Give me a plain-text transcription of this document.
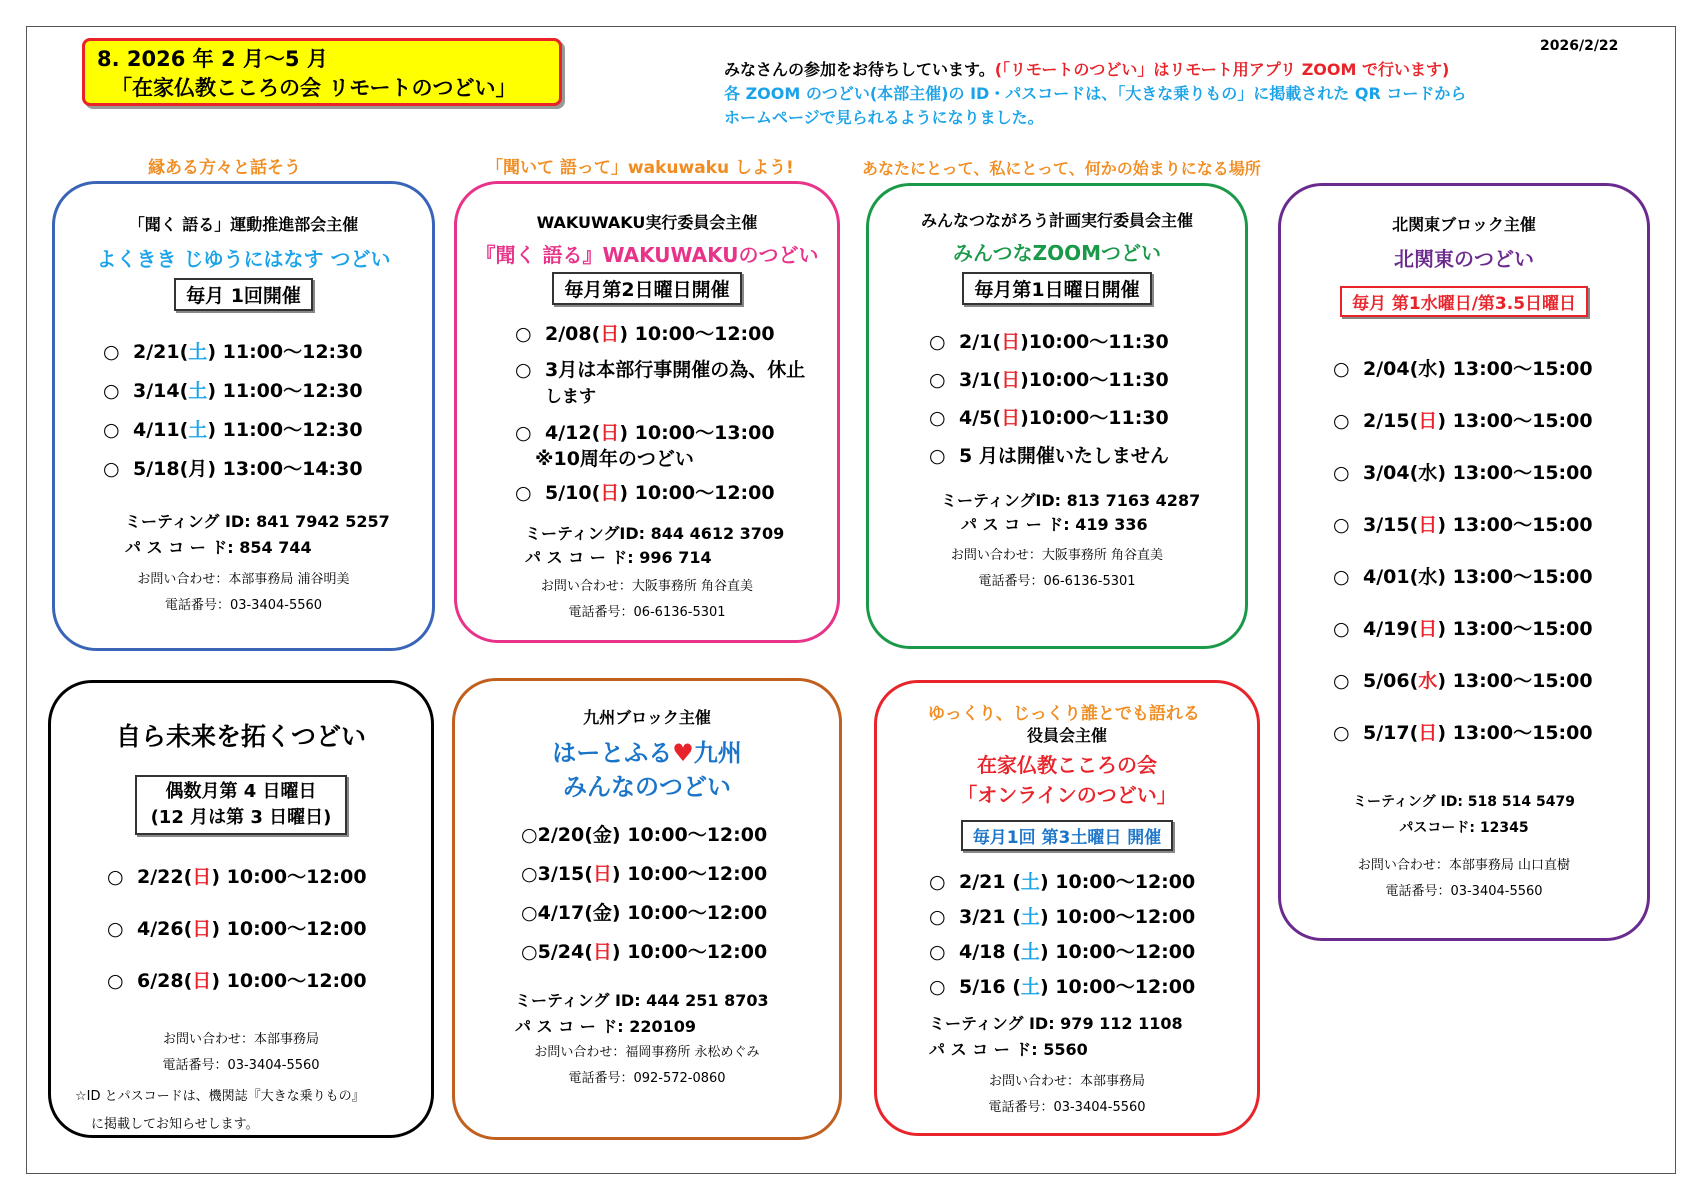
2026/2/22
8. 2026 年 2 月～5 月
「在家仏教こころの会 リモートのつどい」
みなさんの参加をお待ちしています。(「リモートのつどい」はリモート用アプリ ZOOM で行います)
各 ZOOM のつどい(本部主催)の ID・パスコードは、「大きな乗りもの」に掲載された QR コードから
ホームページで見られるようになりました。
縁ある方々と話そう	「聞いて 語って」wakuwaku しよう!	あなたにとって、私にとって、何かの始まりになる場所
「聞く 語る」運動推進部会主催
よくきき じゆうにはなす つどい
毎月 1回開催
○ 2/21(土) 11:00～12:30
○ 3/14(土) 11:00～12:30
○ 4/11(土) 11:00～12:30
○ 5/18(月) 13:00～14:30
ミーティング ID: 841 7942 5257
パ ス コ ー ド: 854 744
お問い合わせ：本部事務局 浦谷明美
電話番号：03-3404-5560
WAKUWAKU実行委員会主催
『聞く 語る』WAKUWAKUのつどい
毎月第2日曜日開催
○ 2/08(日) 10:00～12:00
○ 3月は本部行事開催の為、休止
します
○ 4/12(日) 10:00～13:00
※10周年のつどい
○ 5/10(日) 10:00～12:00
ミーティングID: 844 4612 3709
パ ス コ ー ド: 996 714
お問い合わせ：大阪事務所 角谷直美
電話番号：06-6136-5301
みんなつながろう計画実行委員会主催
みんつなZOOMつどい
毎月第1日曜日開催
○ 2/1(日)10:00～11:30
○ 3/1(日)10:00～11:30
○ 4/5(日)10:00～11:30
○ 5 月は開催いたしません
ミーティングID: 813 7163 4287
パ ス コ ー ド: 419 336
お問い合わせ：大阪事務所 角谷直美
電話番号：06-6136-5301
北関東ブロック主催
北関東のつどい
毎月 第1水曜日/第3.5日曜日
○ 2/04(水) 13:00～15:00
○ 2/15(日) 13:00～15:00
○ 3/04(水) 13:00～15:00
○ 3/15(日) 13:00～15:00
○ 4/01(水) 13:00～15:00
○ 4/19(日) 13:00～15:00
○ 5/06(水) 13:00～15:00
○ 5/17(日) 13:00～15:00
ミーティング ID: 518 514 5479
パスコード: 12345
お問い合わせ：本部事務局 山口直樹
電話番号：03-3404-5560
自ら未来を拓くつどい
偶数月第 4 日曜日
(12 月は第 3 日曜日)
○ 2/22(日) 10:00～12:00
○ 4/26(日) 10:00～12:00
○ 6/28(日) 10:00～12:00
お問い合わせ：本部事務局
電話番号：03-3404-5560
☆ID とパスコードは、機関誌『大きな乗りもの』
に掲載してお知らせします。
九州ブロック主催
はーとふる♥九州
みんなのつどい
○2/20(金) 10:00～12:00
○3/15(日) 10:00～12:00
○4/17(金) 10:00～12:00
○5/24(日) 10:00～12:00
ミーティング ID: 444 251 8703
パ ス コ ー ド: 220109
お問い合わせ：福岡事務所 永松めぐみ
電話番号：092-572-0860
ゆっくり、じっくり誰とでも語れる
役員会主催
在家仏教こころの会
「オンラインのつどい」
毎月1回 第3土曜日 開催
○ 2/21 (土) 10:00～12:00
○ 3/21 (土) 10:00～12:00
○ 4/18 (土) 10:00～12:00
○ 5/16 (土) 10:00～12:00
ミーティング ID: 979 112 1108
パ ス コ ー ド: 5560
お問い合わせ：本部事務局
電話番号：03-3404-5560
